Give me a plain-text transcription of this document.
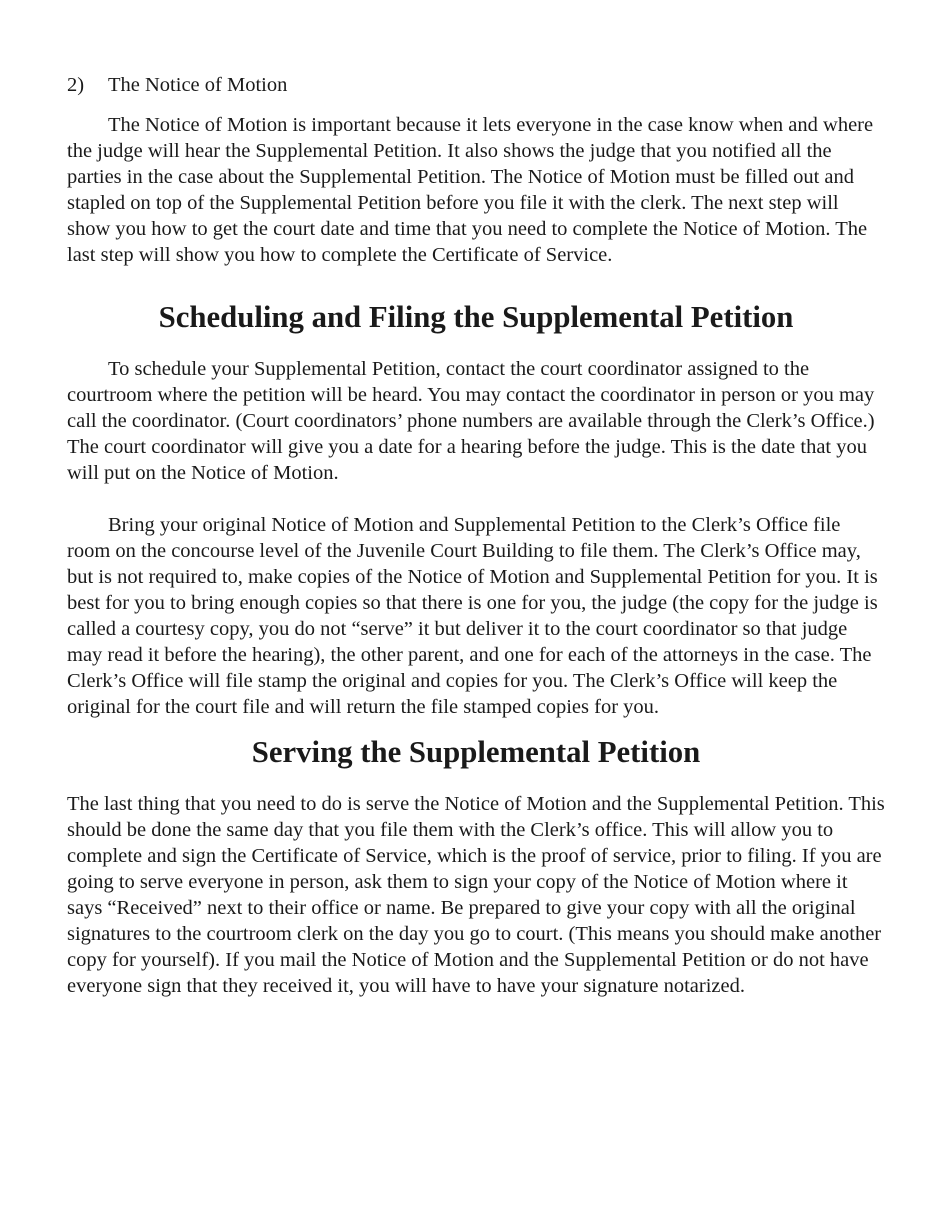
2)	The Notice of Motion

The Notice of Motion is important because it lets everyone in the case know when and where the judge will hear the Supplemental Petition. It also shows the judge that you notified all the parties in the case about the Supplemental Petition. The Notice of Motion must be filled out and stapled on top of the Supplemental Petition before you file it with the clerk. The next step will show you how to get the court date and time that you need to complete the Notice of Motion. The last step will show you how to complete the Certificate of Service.

Scheduling and Filing the Supplemental Petition

To schedule your Supplemental Petition, contact the court coordinator assigned to the courtroom where the petition will be heard. You may contact the coordinator in person or you may call the coordinator. (Court coordinators’ phone numbers are available through the Clerk’s Office.) The court coordinator will give you a date for a hearing before the judge. This is the date that you will put on the Notice of Motion.

Bring your original Notice of Motion and Supplemental Petition to the Clerk’s Office file room on the concourse level of the Juvenile Court Building to file them. The Clerk’s Office may, but is not required to, make copies of the Notice of Motion and Supplemental Petition for you. It is best for you to bring enough copies so that there is one for you, the judge (the copy for the judge is called a courtesy copy, you do not “serve” it but deliver it to the court coordinator so that judge may read it before the hearing), the other parent, and one for each of the attorneys in the case. The Clerk’s Office will file stamp the original and copies for you. The Clerk’s Office will keep the original for the court file and will return the file stamped copies for you.

Serving the Supplemental Petition

The last thing that you need to do is serve the Notice of Motion and the Supplemental Petition. This should be done the same day that you file them with the Clerk’s office. This will allow you to complete and sign the Certificate of Service, which is the proof of service, prior to filing. If you are going to serve everyone in person, ask them to sign your copy of the Notice of Motion where it says “Received” next to their office or name. Be prepared to give your copy with all the original signatures to the courtroom clerk on the day you go to court. (This means you should make another copy for yourself). If you mail the Notice of Motion and the Supplemental Petition or do not have everyone sign that they received it, you will have to have your signature notarized.
